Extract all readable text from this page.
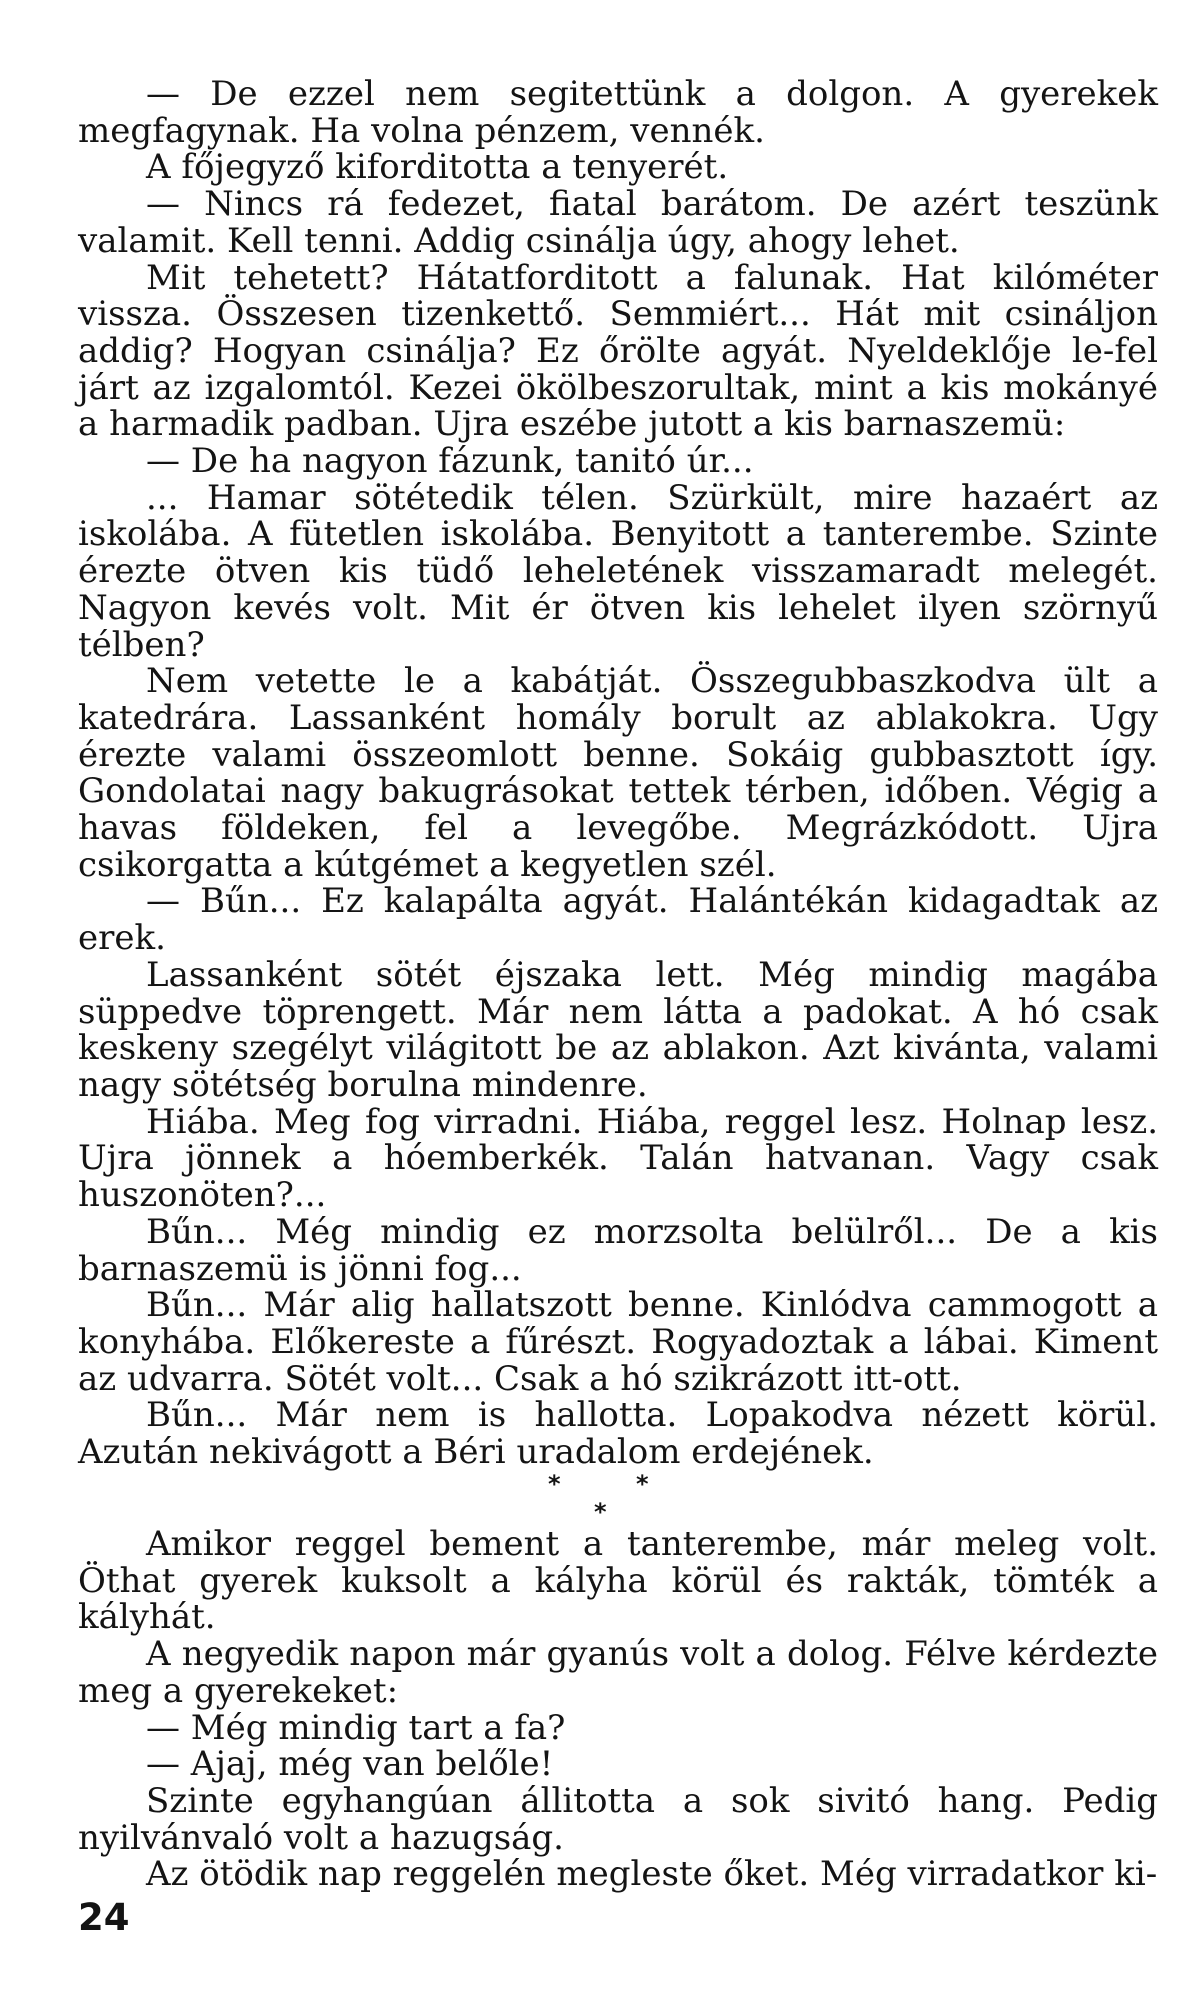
— De ezzel nem segitettünk a dolgon. A gyerekek megfagynak. Ha volna pénzem, vennék.

A főjegyző kiforditotta a tenyerét.

— Nincs rá fedezet, fiatal barátom. De azért teszünk valamit. Kell tenni. Addig csinálja úgy, ahogy lehet.

Mit tehetett? Hátatforditott a falunak. Hat kilóméter vissza. Összesen tizenkettő. Semmiért... Hát mit csináljon addig? Hogyan csinálja? Ez őrölte agyát. Nyeldeklője le-fel járt az izgalomtól. Kezei ökölbeszorultak, mint a kis mokányé a harmadik padban. Ujra eszébe jutott a kis barnaszemü:

— De ha nagyon fázunk, tanitó úr...

... Hamar sötétedik télen. Szürkült, mire hazaért az iskolába. A fütetlen iskolába. Benyitott a tanterembe. Szinte érezte ötven kis tüdő leheletének visszamaradt melegét. Nagyon kevés volt. Mit ér ötven kis lehelet ilyen szörnyű télben?

Nem vetette le a kabátját. Összegubbaszkodva ült a katedrára. Lassanként homály borult az ablakokra. Ugy érezte valami összeomlott benne. Sokáig gubbasztott így. Gondolatai nagy bakugrásokat tettek térben, időben. Végig a havas földeken, fel a levegőbe. Megrázkódott. Ujra csikorgatta a kútgémet a kegyetlen szél.

— Bűn... Ez kalapálta agyát. Halántékán kidagadtak az erek.

Lassanként sötét éjszaka lett. Még mindig magába süppedve töprengett. Már nem látta a padokat. A hó csak keskeny szegélyt világitott be az ablakon. Azt kivánta, valami nagy sötétség borulna mindenre.

Hiába. Meg fog virradni. Hiába, reggel lesz. Holnap lesz. Ujra jönnek a hóemberkék. Talán hatvanan. Vagy csak huszonöten?...

Bűn... Még mindig ez morzsolta belülről... De a kis barnaszemü is jönni fog...

Bűn... Már alig hallatszott benne. Kinlódva cammogott a konyhába. Előkereste a fűrészt. Rogyadoztak a lábai. Kiment az udvarra. Sötét volt... Csak a hó szikrázott itt-ott.

Bűn... Már nem is hallotta. Lopakodva nézett körül. Azután nekivágott a Béri uradalom erdejének.

*	*
*

Amikor reggel bement a tanterembe, már meleg volt. Öthat gyerek kuksolt a kályha körül és rakták, tömték a kályhát.

A negyedik napon már gyanús volt a dolog. Félve kérdezte meg a gyerekeket:

— Még mindig tart a fa?

— Ajaj, még van belőle!

Szinte egyhangúan állitotta a sok sivitó hang. Pedig nyilvánvaló volt a hazugság.

Az ötödik nap reggelén megleste őket. Még virradatkor ki-

24
